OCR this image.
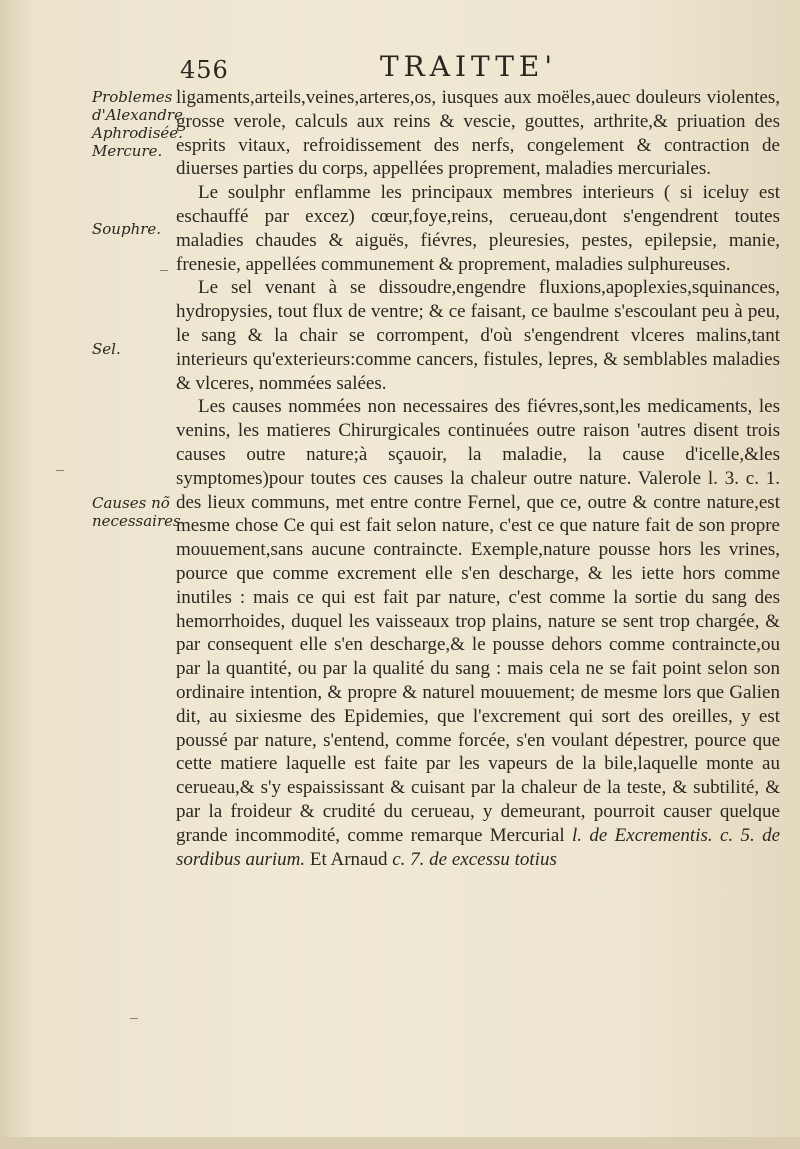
456	TRAITTE'
Problemes d'Alexandre Aphrodisée. Mercure.
Souphre.
Sel.
Causes nõ necessaires.

ligaments,arteils,veines,arteres,os, iusques aux moëles,auec douleurs violentes, grosse verole, calculs aux reins & vescie, gouttes, arthrite,& priuation des esprits vitaux, refroidissement des nerfs, congelement & contraction de diuerses parties du corps, appellées proprement, maladies mercuriales.

Le soulphr enflamme les principaux membres interieurs ( si iceluy est eschauffé par excez) cœur,foye,reins, cerueau,dont s'engendrent toutes maladies chaudes & aiguës, fiévres, pleuresies, pestes, epilepsie, manie, frenesie, appellées communement & proprement, maladies sulphureuses.

Le sel venant à se dissoudre,engendre fluxions,apoplexies,squinances, hydropysies, tout flux de ventre; & ce faisant, ce baulme s'escoulant peu à peu, le sang & la chair se corrompent, d'où s'engendrent vlceres malins,tant interieurs qu'exterieurs:comme cancers, fistules, lepres, & semblables maladies & vlceres, nommées salées.

Les causes nommées non necessaires des fiévres,sont,les medicaments, les venins, les matieres Chirurgicales continuées outre raison 'autres disent trois causes outre nature;à sçauoir, la maladie, la cause d'icelle,&les symptomes)pour toutes ces causes la chaleur outre nature. Valerole l. 3. c. 1. des lieux communs, met entre contre Fernel, que ce, outre & contre nature,est mesme chose Ce qui est fait selon nature, c'est ce que nature fait de son propre mouuement,sans aucune contraincte. Exemple,nature pousse hors les vrines, pource que comme excrement elle s'en descharge, & les iette hors comme inutiles : mais ce qui est fait par nature, c'est comme la sortie du sang des hemorrhoides, duquel les vaisseaux trop plains, nature se sent trop chargée, & par consequent elle s'en descharge,& le pousse dehors comme contraincte,ou par la quantité, ou par la qualité du sang : mais cela ne se fait point selon son ordinaire intention, & propre & naturel mouuement; de mesme lors que Galien dit, au sixiesme des Epidemies, que l'excrement qui sort des oreilles, y est poussé par nature, s'entend, comme forcée, s'en voulant dépestrer, pource que cette matiere laquelle est faite par les vapeurs de la bile,laquelle monte au cerueau,& s'y espaississant & cuisant par la chaleur de la teste, & subtilité, & par la froideur & crudité du cerueau, y demeurant, pourroit causer quelque grande incommodité, comme remarque Mercurial l. de Excrementis. c. 5. de sordibus aurium. Et Arnaud c. 7. de excessu totius
